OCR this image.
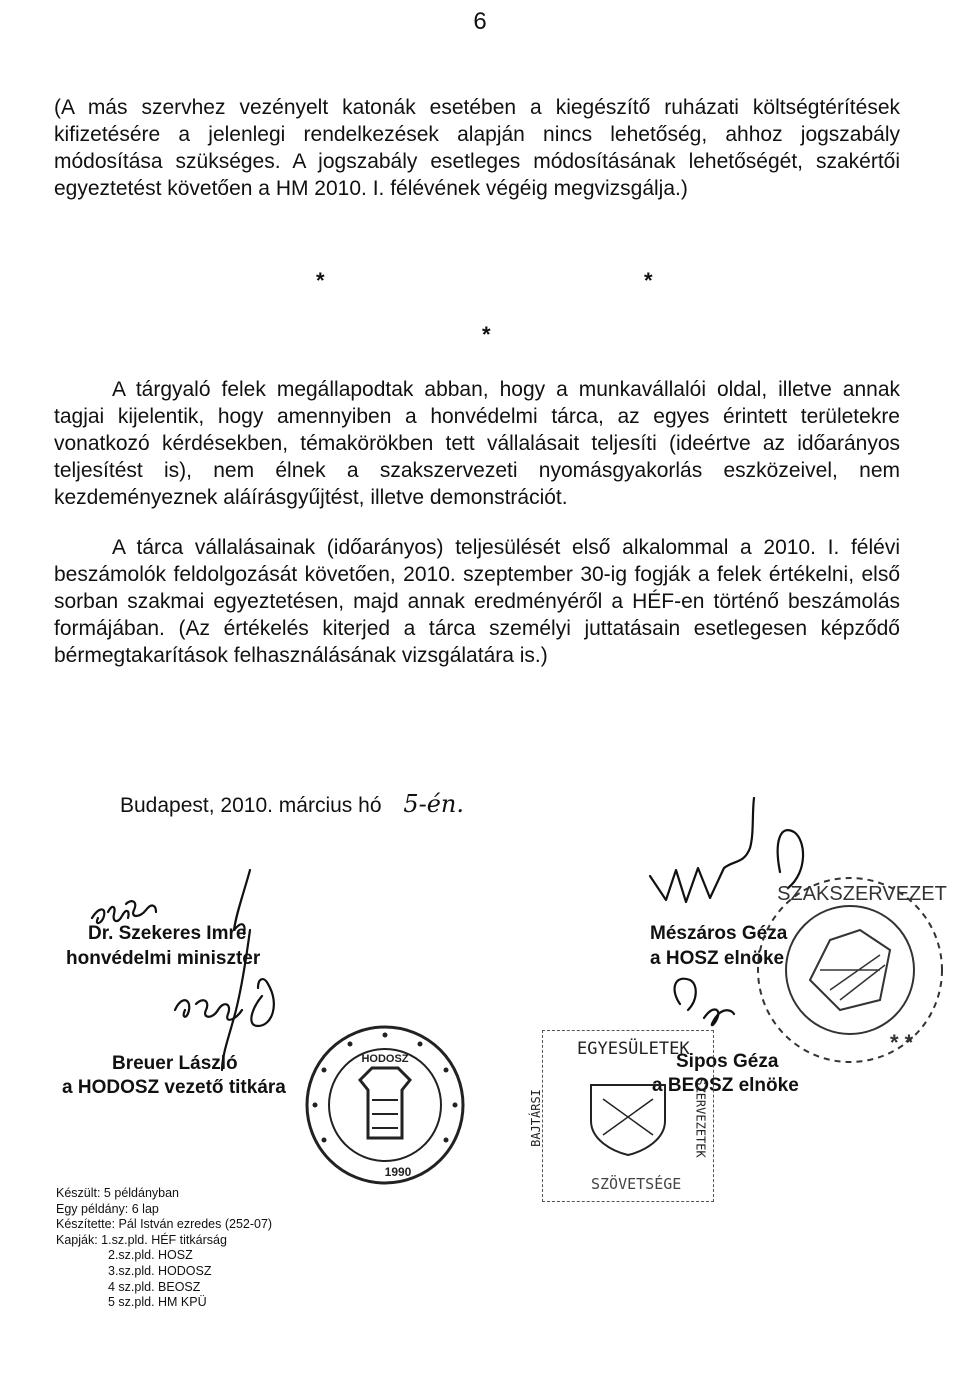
6
(A más szervhez vezényelt katonák esetében a kiegészítő ruházati költségtérítések kifizetésére a jelenlegi rendelkezések alapján nincs lehetőség, ahhoz jogszabály módosítása szükséges. A jogszabály esetleges módosításának lehetőségét, szakértői egyeztetést követően a HM 2010. I. félévének végéig megvizsgálja.)
*	*
*
A tárgyaló felek megállapodtak abban, hogy a munkavállalói oldal, illetve annak tagjai kijelentik, hogy amennyiben a honvédelmi tárca, az egyes érintett területekre vonatkozó kérdésekben, témakörökben tett vállalásait teljesíti (ideértve az időarányos teljesítést is), nem élnek a szakszervezeti nyomásgyakorlás eszközeivel, nem kezdeményeznek aláírásgyűjtést, illetve demonstrációt.
A tárca vállalásainak (időarányos) teljesülését első alkalommal a 2010. I. félévi beszámolók feldolgozását követően, 2010. szeptember 30-ig fogják a felek értékelni, első sorban szakmai egyeztetésen, majd annak eredményéről a HÉF-en történő beszámolás formájában. (Az értékelés kiterjed a tárca személyi juttatásain esetlegesen képződő bérmegtakarítások felhasználásának vizsgálatára is.)
Budapest, 2010. március hó 5-én.
Dr. Szekeres Imre
honvédelmi miniszter
Mészáros Géza
a HOSZ elnöke
Breuer László
a HODOSZ vezető titkára
Sipos Géza
a BEOSZ elnöke
HODOSZ
1990
SZAKSZERVEZET
* *
EGYESÜLETEK
BAJTÁRSI	SZERVEZETEK
SZÖVETSÉGE
Készült: 5 példányban
Egy példány: 6 lap
Készítette: Pál István ezredes (252-07)
Kapják: 1.sz.pld. HÉF titkárság
2.sz.pld. HOSZ
3.sz.pld. HODOSZ
4 sz.pld. BEOSZ
5 sz.pld. HM KPÜ
